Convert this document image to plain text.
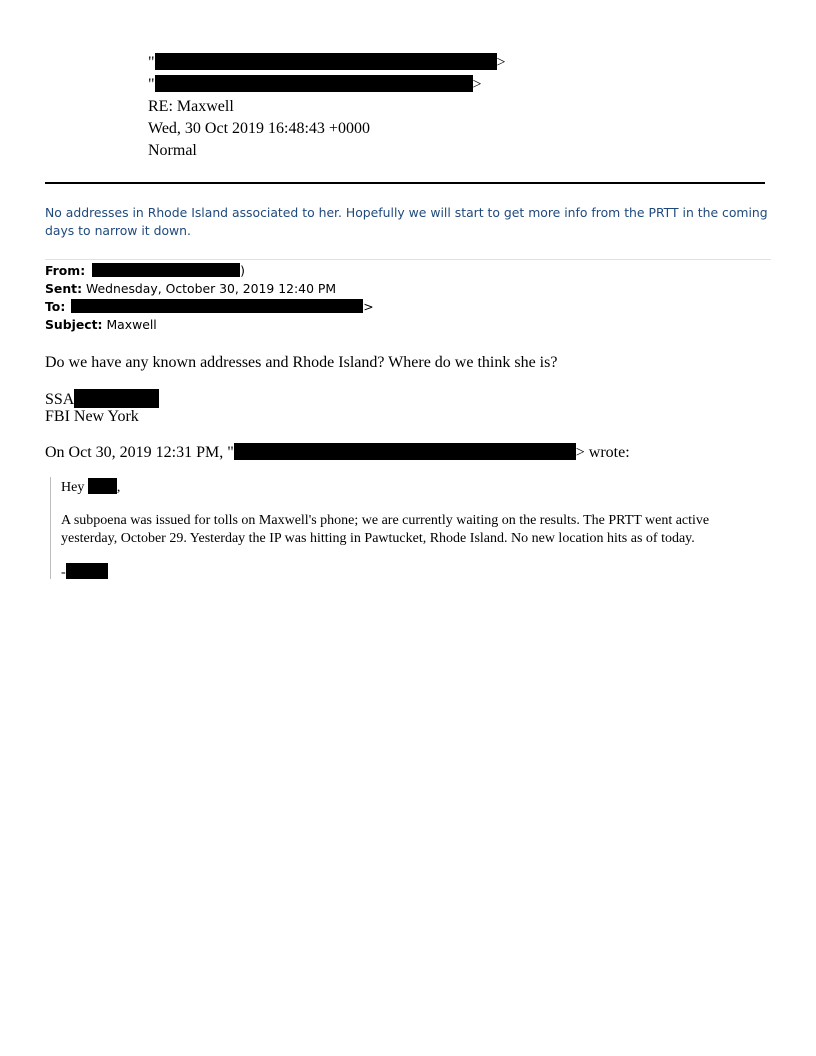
"	>
"	>
RE: Maxwell
Wed, 30 Oct 2019 16:48:43 +0000
Normal
No addresses in Rhode Island associated to her. Hopefully we will start to get more info from the PRTT in the coming days to narrow it down.
From:	)
Sent: Wednesday, October 30, 2019 12:40 PM
To:	>
Subject: Maxwell
Do we have any known addresses and Rhode Island? Where do we think she is?
SSA
FBI New York
On Oct 30, 2019 12:31 PM, "	> wrote:
Hey ,
A subpoena was issued for tolls on Maxwell's phone; we are currently waiting on the results. The PRTT went active
yesterday, October 29. Yesterday the IP was hitting in Pawtucket, Rhode Island. No new location hits as of today.
-
